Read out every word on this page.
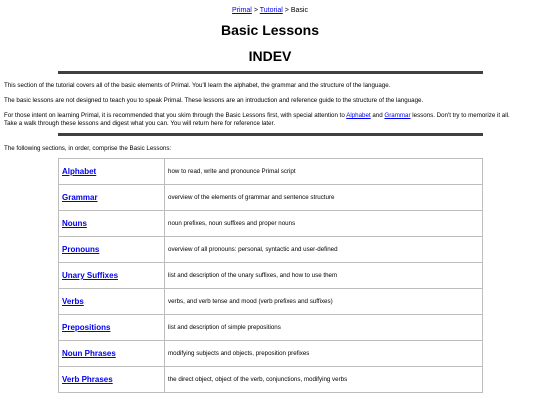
Primal > Tutorial > Basic
Basic Lessons
INDEV

This section of the tutorial covers all of the basic elements of Primal. You'll learn the alphabet, the grammar and the structure of the language.

The basic lessons are not designed to teach you to speak Primal. These lessons are an introduction and reference guide to the structure of the language.

For those intent on learning Primal, it is recommended that you skim through the Basic Lessons first, with special attention to Alphabet and Grammar lessons. Don't try to memorize it all. Take a walk through these lessons and digest what you can. You will return here for reference later.

The following sections, in order, comprise the Basic Lessons:

Alphabet	how to read, write and pronounce Primal script
Grammar	overview of the elements of grammar and sentence structure
Nouns	noun prefixes, noun suffixes and proper nouns
Pronouns	overview of all pronouns: personal, syntactic and user-defined
Unary Suffixes	list and description of the unary suffixes, and how to use them
Verbs	verbs, and verb tense and mood (verb prefixes and suffixes)
Prepositions	list and description of simple prepositions
Noun Phrases	modifying subjects and objects, preposition prefixes
Verb Phrases	the direct object, object of the verb, conjunctions, modifying verbs
